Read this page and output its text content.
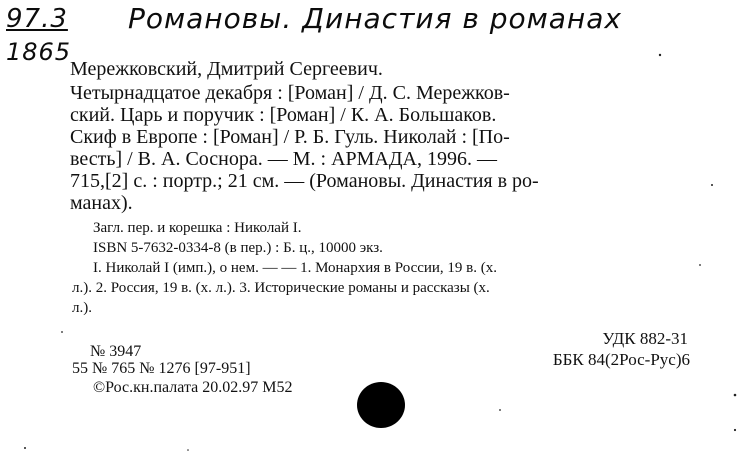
97.3
1865
Романовы. Династия в романах
Мережковский, Дмитрий Сергеевич.
Четырнадцатое декабря : [Роман] / Д. С. Мережков-
ский. Царь и поручик : [Роман] / К. А. Большаков.
Скиф в Европе : [Роман] / Р. Б. Гуль. Николай : [По-
весть] / В. А. Соснора. — М. : АРМАДА, 1996. —
715,[2] с. : портр.; 21 см. — (Романовы. Династия в ро-
манах).
Загл. пер. и корешка : Николай I.
ISBN 5-7632-0334-8 (в пер.) : Б. ц., 10000 экз.
I. Николай I (имп.), о нем. — — 1. Монархия в России, 19 в. (х.
л.). 2. Россия, 19 в. (х. л.). 3. Исторические романы и рассказы (х.
л.).
УДК 882-31
ББК 84(2Рос-Рус)6
№ 3947
55 № 765 № 1276 [97-951]
©Рос.кн.палата 20.02.97 М52
